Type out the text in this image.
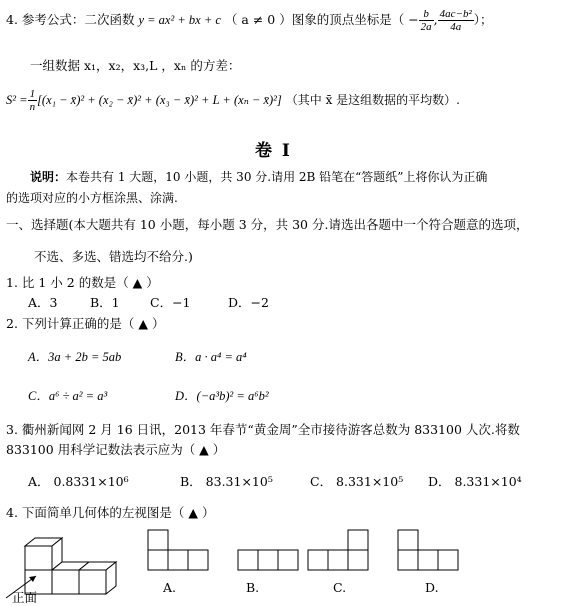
4. 参考公式：二次函数 y = ax² + bx + c （ a ≠ 0 ）图象的顶点坐标是（ − $\frac{b}{2a}$ , $\frac{\text{4ac−b²}}{4a}$ ）；
一组数据 x₁，x₂，x₃,L ，xₙ 的方差：
$S^2 = \frac{1}{n} [(x_1$ − x̄)² + (x₂ − x̄)² + (x₃ − x̄)² + L + (xₙ − x̄)²] （其中 x̄ 是这组数据的平均数）.
卷 I
说明：本卷共有 1 大题，10 小题，共 30 分.请用 2B 铅笔在“答题纸”上将你认为正确
的选项对应的小方框涂黑、涂满.
一、选择题(本大题共有 10 小题，每小题 3 分，共 30 分.请选出各题中一个符合题意的选项，
不选、多选、错选均不给分.)
1. 比 1 小 2 的数是（ ▲ ）
A．3	B．1 C．−1	D．−2
2. 下列计算正确的是（ ▲ ）
A．3a + 2b = 5ab	B．a · a⁴ = a⁴
C．a⁶ ÷ a² = a³	D．(−a³b)² = a⁶b²
3. 衢州新闻网 2 月 16 日讯，2013 年春节“黄金周”全市接待游客总数为 833100 人次.将数
833100 用科学记数法表示应为（ ▲ ）
A． 0.8331×10⁶	B． 83.31×10⁵	C． 8.331×10⁵ D． 8.331×10⁴
4. 下面简单几何体的左视图是（ ▲ ）
正面
A.	B.	C.	D.
